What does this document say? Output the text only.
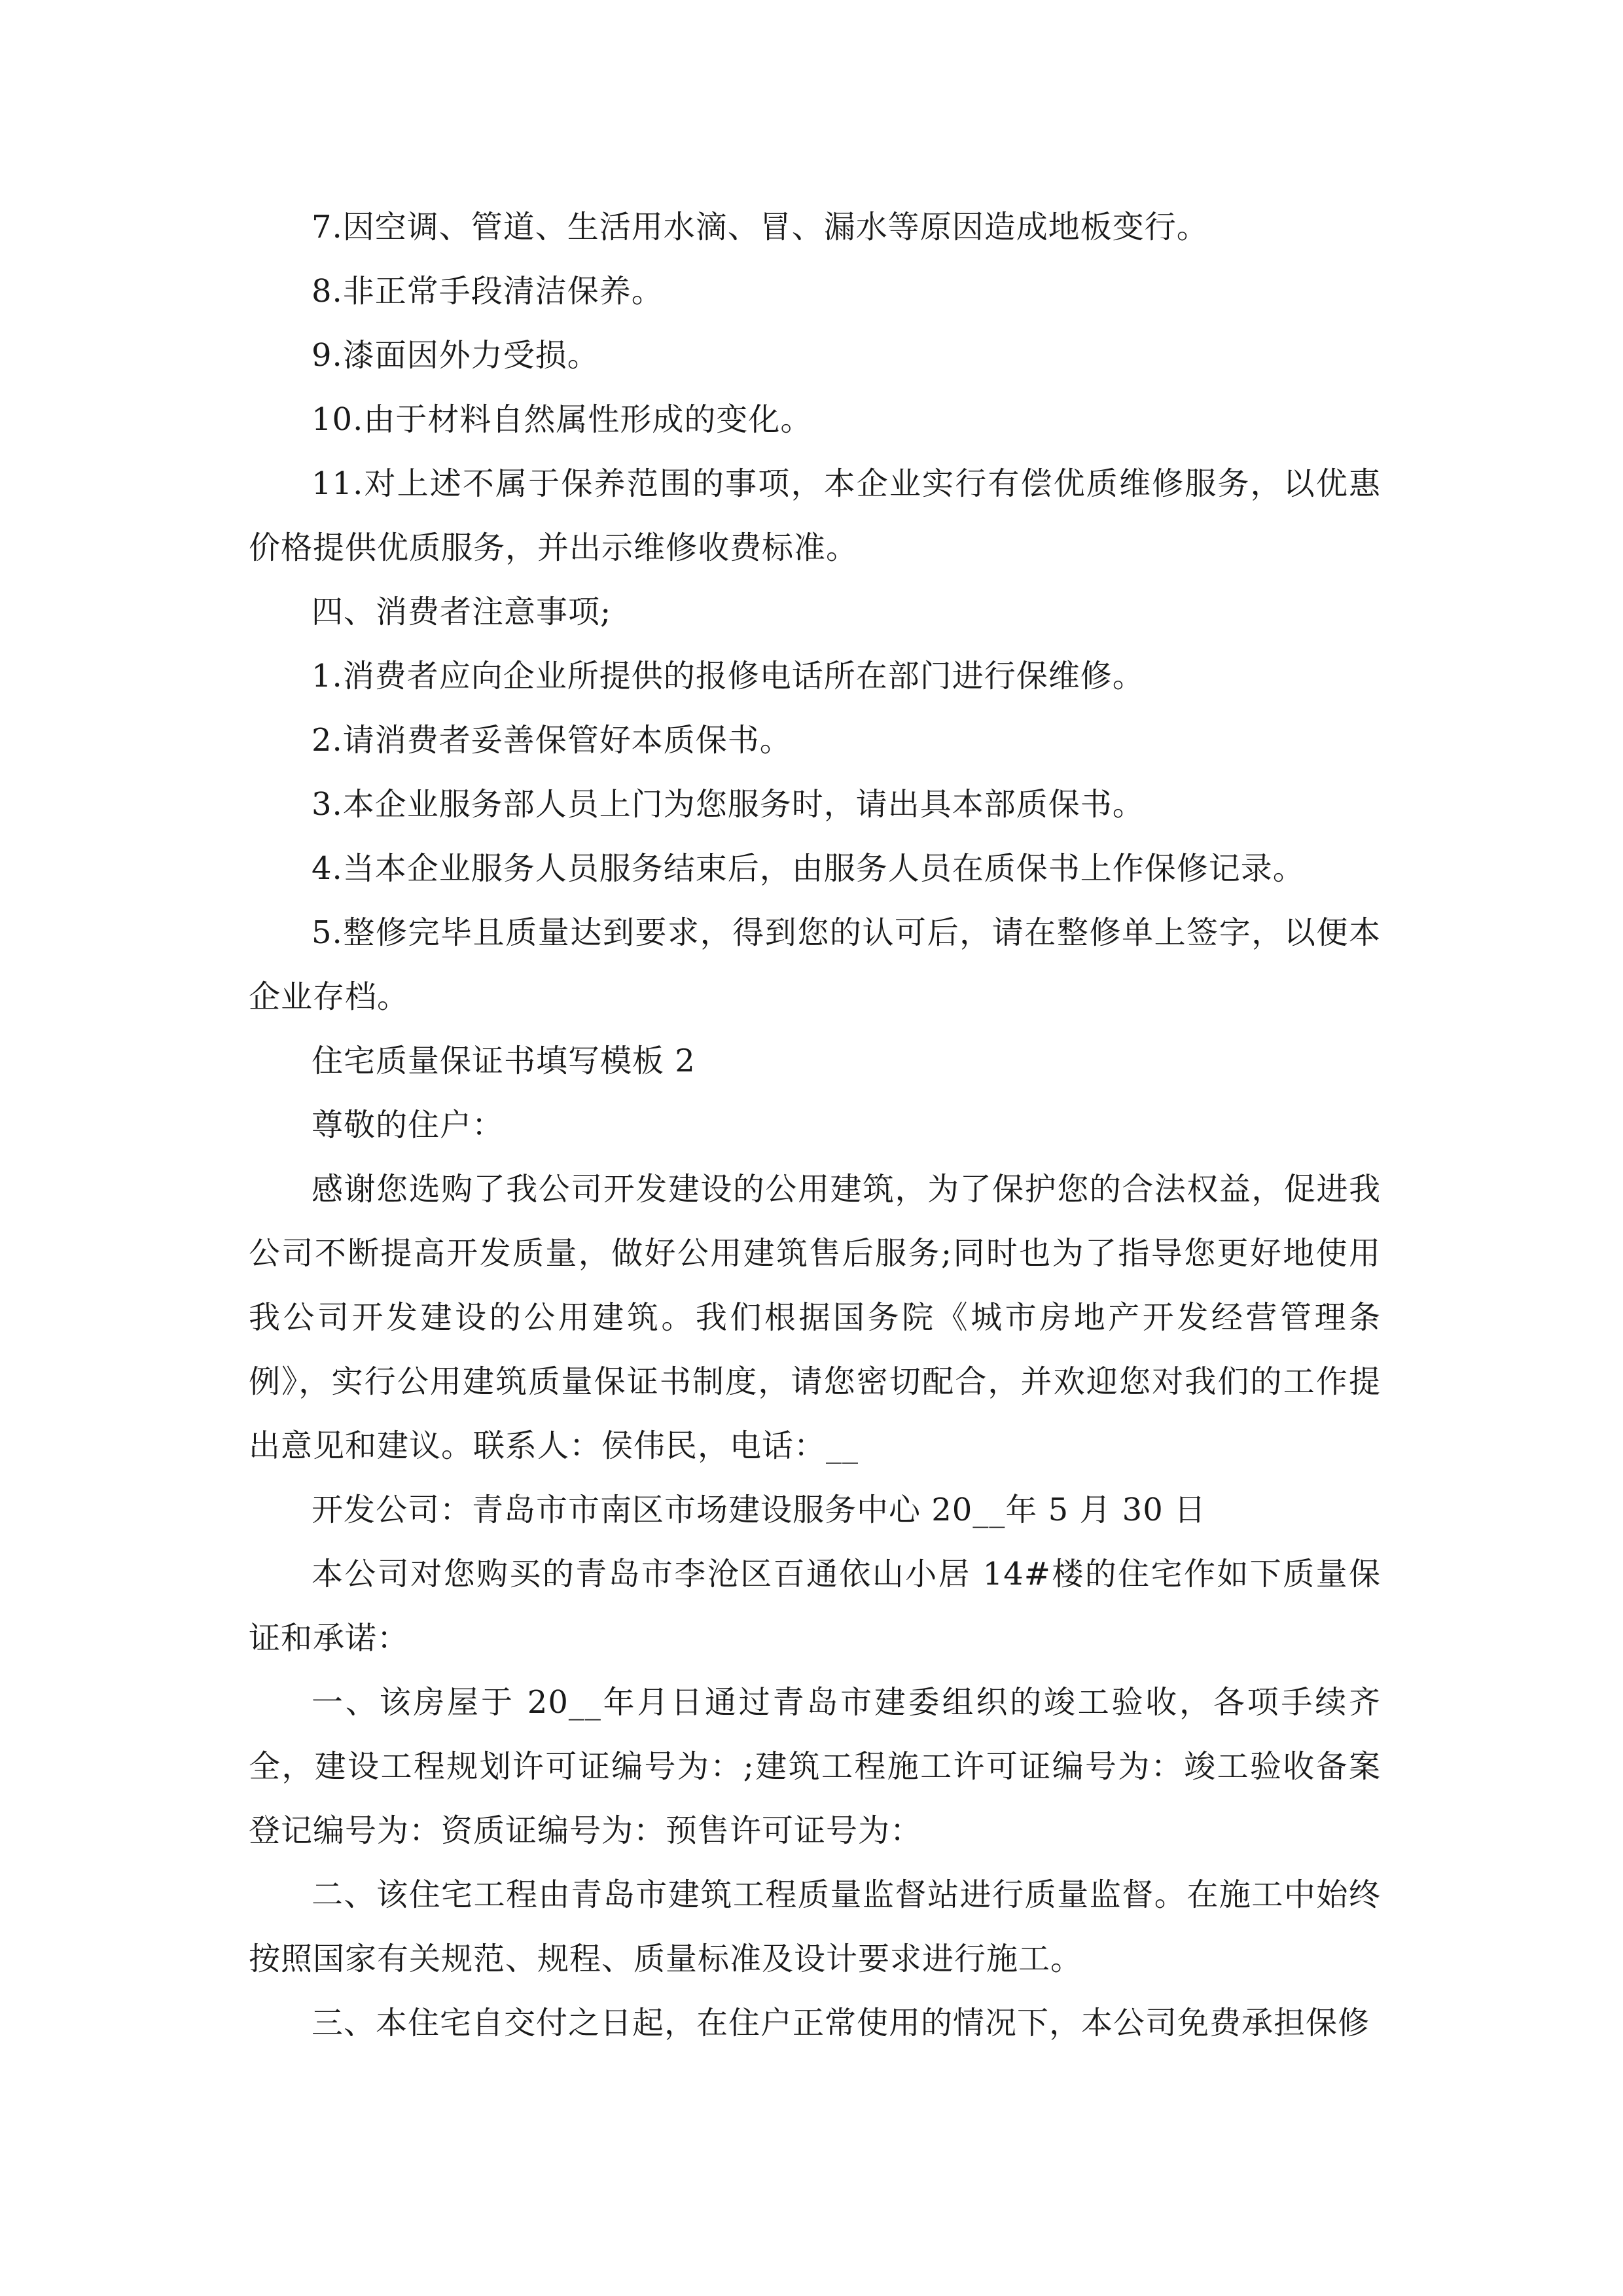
7.因空调、管道、生活用水滴、冒、漏水等原因造成地板变行。

8.非正常手段清洁保养。

9.漆面因外力受损。

10.由于材料自然属性形成的变化。

11.对上述不属于保养范围的事项，本企业实行有偿优质维修服务，以优惠价格提供优质服务，并出示维修收费标准。

四、消费者注意事项;

1.消费者应向企业所提供的报修电话所在部门进行保维修。

2.请消费者妥善保管好本质保书。

3.本企业服务部人员上门为您服务时，请出具本部质保书。

4.当本企业服务人员服务结束后，由服务人员在质保书上作保修记录。

5.整修完毕且质量达到要求，得到您的认可后，请在整修单上签字，以便本企业存档。

住宅质量保证书填写模板 2

尊敬的住户：

感谢您选购了我公司开发建设的公用建筑，为了保护您的合法权益，促进我公司不断提高开发质量，做好公用建筑售后服务;同时也为了指导您更好地使用我公司开发建设的公用建筑。我们根据国务院《城市房地产开发经营管理条例》，实行公用建筑质量保证书制度，请您密切配合，并欢迎您对我们的工作提出意见和建议。联系人：侯伟民，电话：__

开发公司：青岛市市南区市场建设服务中心 20__年 5 月 30 日

本公司对您购买的青岛市李沧区百通依山小居 14#楼的住宅作如下质量保证和承诺：

一、该房屋于 20__年月日通过青岛市建委组织的竣工验收，各项手续齐全，建设工程规划许可证编号为：;建筑工程施工许可证编号为：竣工验收备案登记编号为：资质证编号为：预售许可证号为：

二、该住宅工程由青岛市建筑工程质量监督站进行质量监督。在施工中始终按照国家有关规范、规程、质量标准及设计要求进行施工。

三、本住宅自交付之日起，在住户正常使用的情况下，本公司免费承担保修
